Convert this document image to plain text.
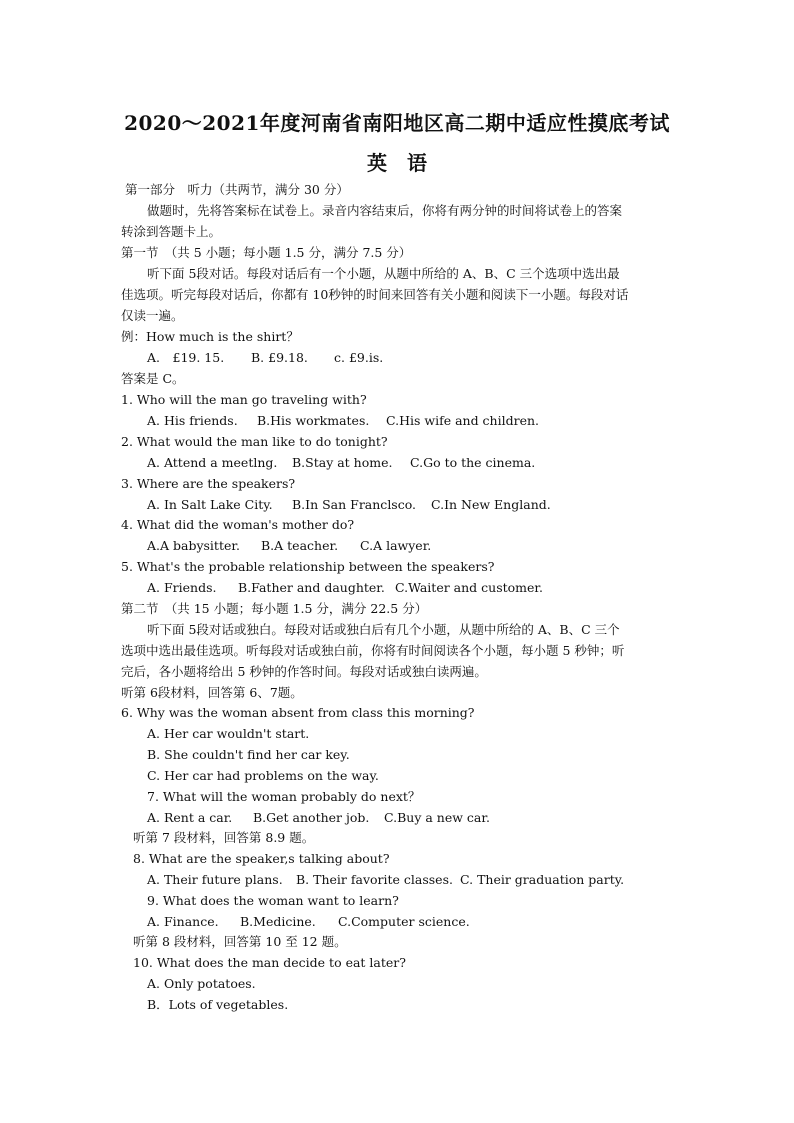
2020～2021年度河南省南阳地区高二期中适应性摸底考试
英　语
第一部分　听力（共两节，满分 30 分）
做题时，先将答案标在试卷上。录音内容结束后，你将有两分钟的时间将试卷上的答案
转涂到答题卡上。
第一节　（共 5 小题；每小题 1.5 分，满分 7.5 分）
听下面 5段对话。每段对话后有一个小题，从题中所给的 A、B、C 三个选项中选出最
佳选项。听完每段对话后，你都有 10秒钟的时间来回答有关小题和阅读下一小题。每段对话
仅读一遍。
例：How much is the shirt？
A.　£19. 15. B. £9.18. c. £9.is.
答案是 C。
1. Who will the man go traveling with?
A. His friends. B.His workmates. C.His wife and children.
2. What would the man like to do tonight?
A. Attend a meetlng. B.Stay at home. C.Go to the cinema.
3. Where are the speakers?
A. In Salt Lake City. B.In San Franclsco. C.In New England.
4. What did the woman's mother do?
A.A babysitter. B.A teacher. C.A lawyer.
5. What's the probable relationship between the speakers?
A. Friends. B.Father and daughter. C.Waiter and customer.
第二节　（共 15 小题；每小题 1.5 分，满分 22.5 分）
听下面 5段对话或独白。每段对话或独白后有几个小题，从题中所给的 A、B、C 三个
选项中选出最佳选项。听每段对话或独白前，你将有时间阅读各个小题，每小题 5 秒钟；听
完后，各小题将给出 5 秒钟的作答时间。每段对话或独白读两遍。
听第 6段材料，回答第 6、7题。
6. Why was the woman absent from class this morning?
A. Her car wouldn't start.
B. She couldn't find her car key.
C. Her car had problems on the way.
7. What will the woman probably do next？
A. Rent a car. B.Get another job. C.Buy a new car.
听第 7 段材料，回答第 8.9 题。
8. What are the speaker,s talking about?
A. Their future plans. B. Their favorite classes. C. Their graduation party.
9. What does the woman want to learn?
A. Finance. B.Medicine. C.Computer science.
听第 8 段材料，回答第 10 至 12 题。
10. What does the man decide to eat later?
A. Only potatoes.
B．Lots of vegetables.
